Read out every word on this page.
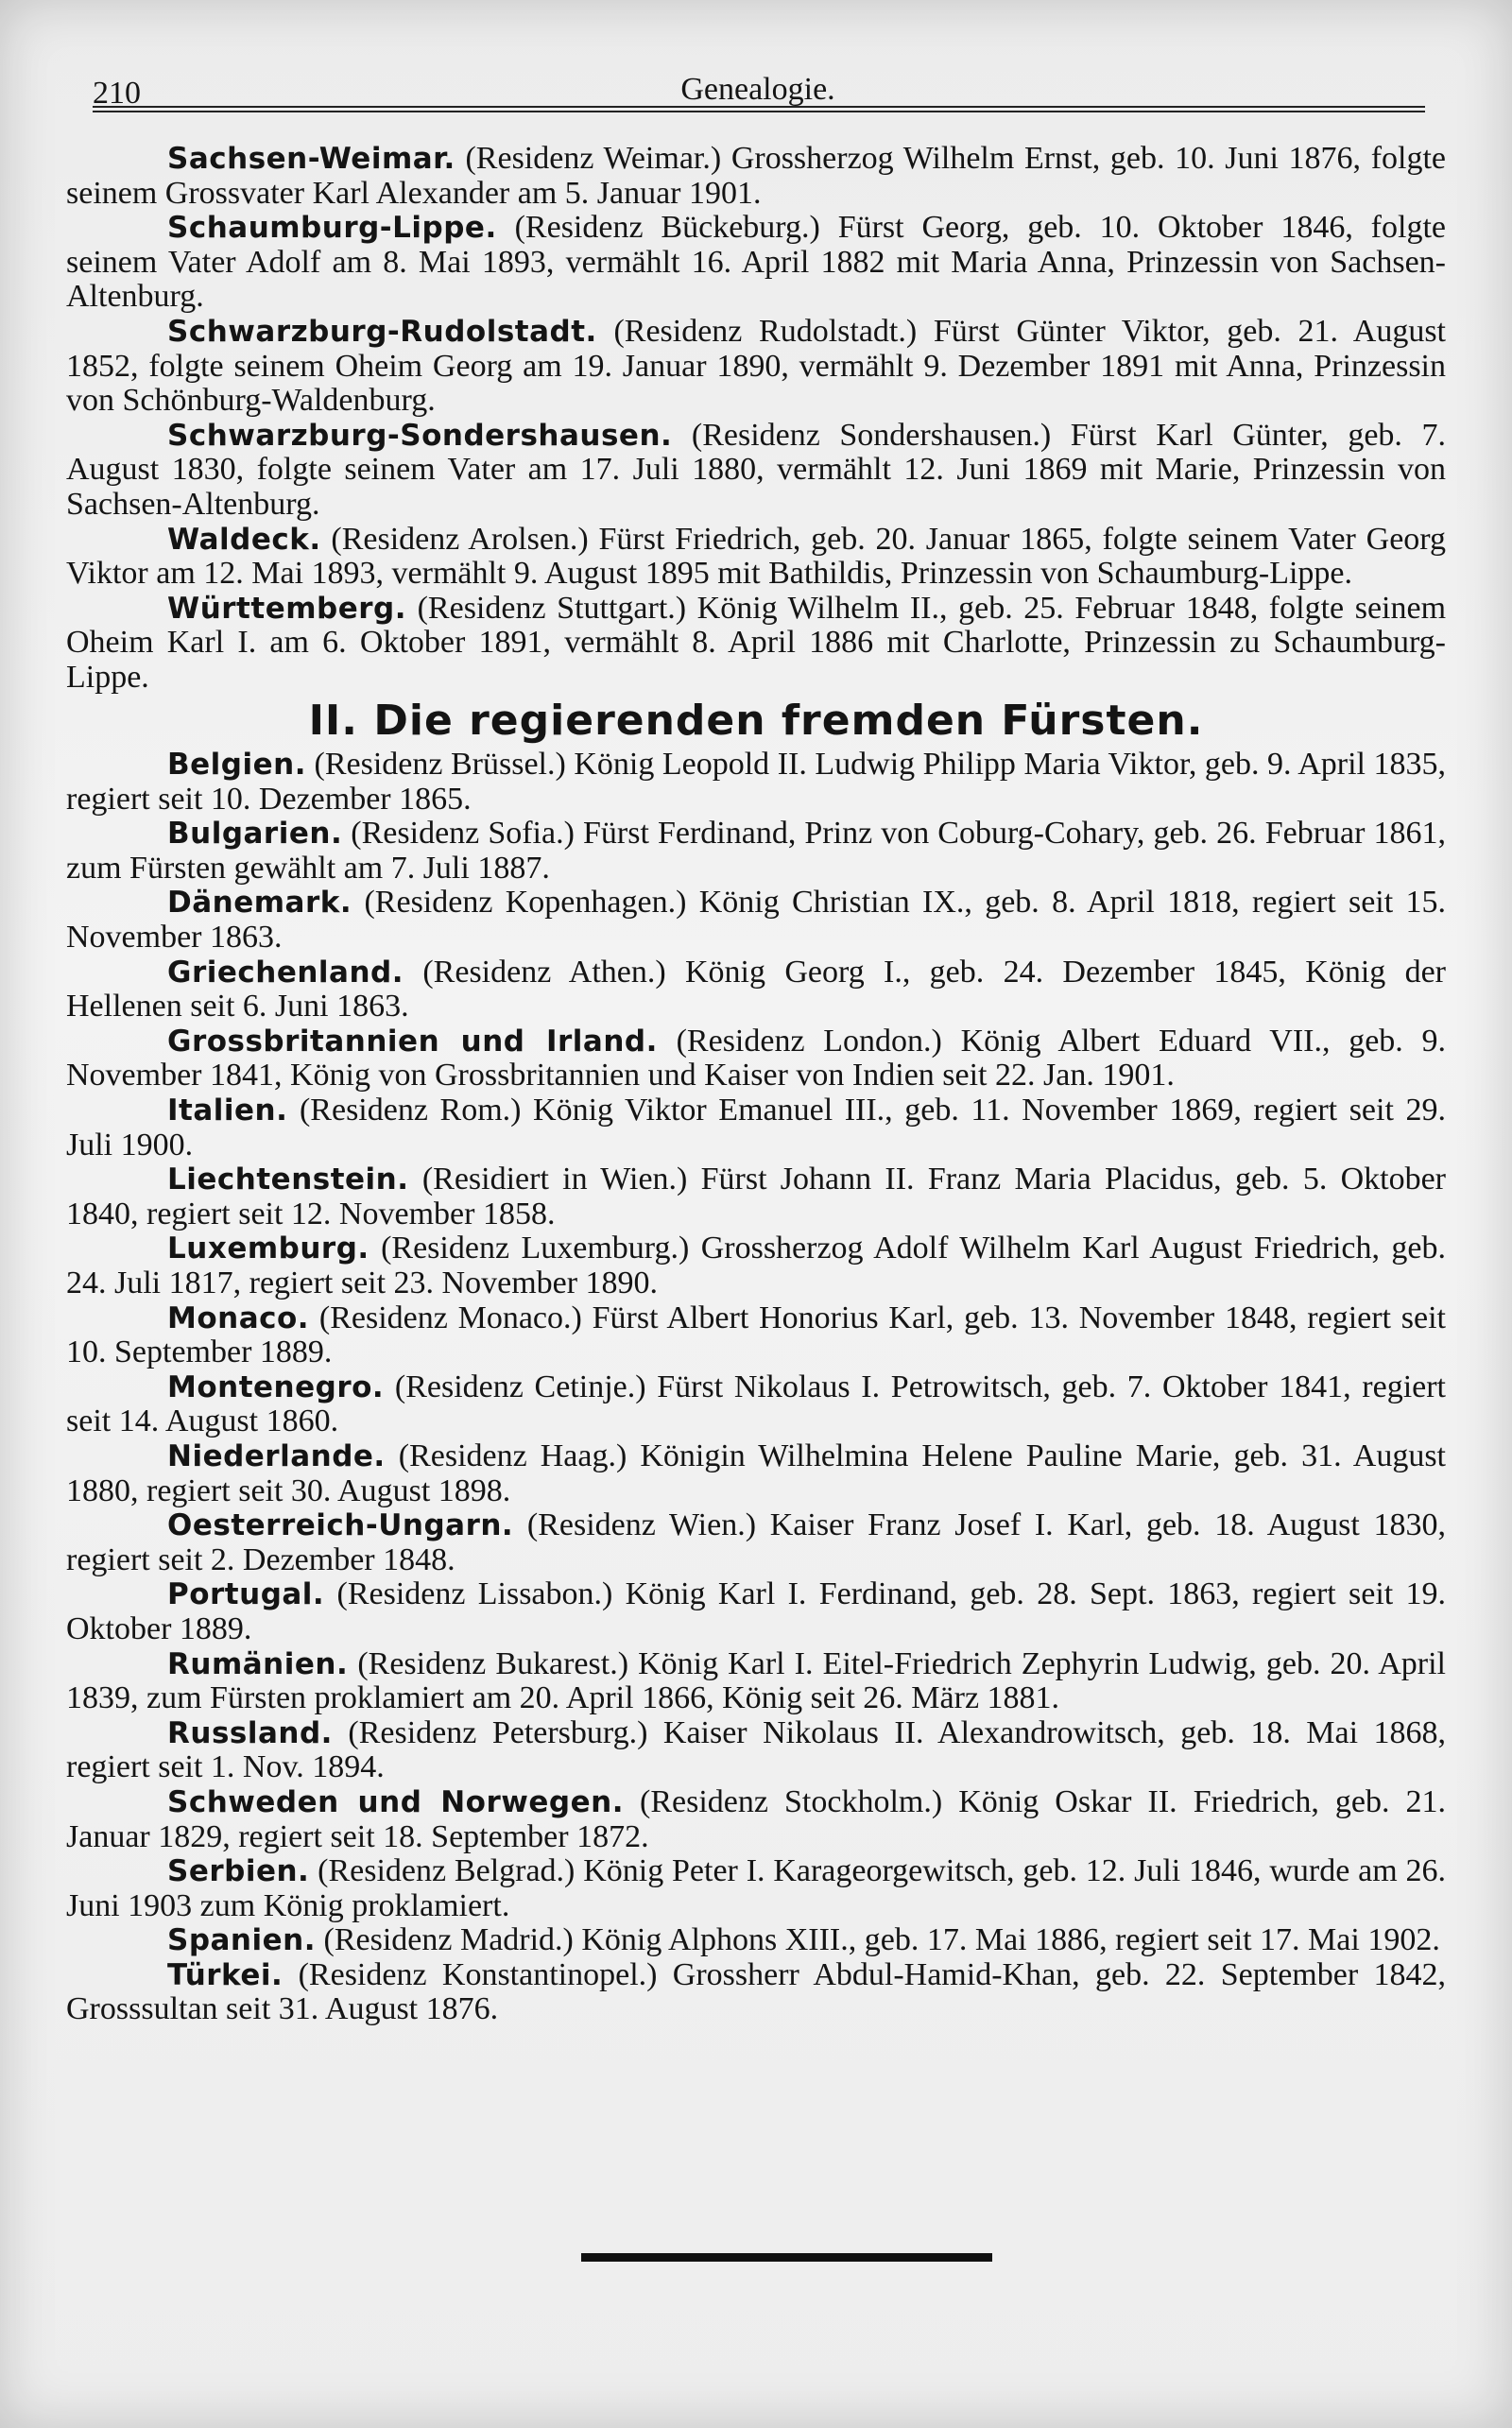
210	Genealogie.

Sachsen-Weimar. (Residenz Weimar.) Grossherzog Wilhelm Ernst, geb. 10. Juni 1876, folgte seinem Grossvater Karl Alexander am 5. Januar 1901.

Schaumburg-Lippe. (Residenz Bückeburg.) Fürst Georg, geb. 10. Oktober 1846, folgte seinem Vater Adolf am 8. Mai 1893, vermählt 16. April 1882 mit Maria Anna, Prinzessin von Sachsen-Altenburg.

Schwarzburg-Rudolstadt. (Residenz Rudolstadt.) Fürst Günter Viktor, geb. 21. August 1852, folgte seinem Oheim Georg am 19. Januar 1890, vermählt 9. Dezember 1891 mit Anna, Prinzessin von Schönburg-Waldenburg.

Schwarzburg-Sondershausen. (Residenz Sondershausen.) Fürst Karl Günter, geb. 7. August 1830, folgte seinem Vater am 17. Juli 1880, vermählt 12. Juni 1869 mit Marie, Prinzessin von Sachsen-Altenburg.

Waldeck. (Residenz Arolsen.) Fürst Friedrich, geb. 20. Januar 1865, folgte seinem Vater Georg Viktor am 12. Mai 1893, vermählt 9. August 1895 mit Bathildis, Prinzessin von Schaumburg-Lippe.

Württemberg. (Residenz Stuttgart.) König Wilhelm II., geb. 25. Februar 1848, folgte seinem Oheim Karl I. am 6. Oktober 1891, vermählt 8. April 1886 mit Charlotte, Prinzessin zu Schaumburg-Lippe.

II. Die regierenden fremden Fürsten.

Belgien. (Residenz Brüssel.) König Leopold II. Ludwig Philipp Maria Viktor, geb. 9. April 1835, regiert seit 10. Dezember 1865.

Bulgarien. (Residenz Sofia.) Fürst Ferdinand, Prinz von Coburg-Cohary, geb. 26. Februar 1861, zum Fürsten gewählt am 7. Juli 1887.

Dänemark. (Residenz Kopenhagen.) König Christian IX., geb. 8. April 1818, regiert seit 15. November 1863.

Griechenland. (Residenz Athen.) König Georg I., geb. 24. Dezember 1845, König der Hellenen seit 6. Juni 1863.

Grossbritannien und Irland. (Residenz London.) König Albert Eduard VII., geb. 9. November 1841, König von Grossbritannien und Kaiser von Indien seit 22. Jan. 1901.

Italien. (Residenz Rom.) König Viktor Emanuel III., geb. 11. November 1869, regiert seit 29. Juli 1900.

Liechtenstein. (Residiert in Wien.) Fürst Johann II. Franz Maria Placidus, geb. 5. Oktober 1840, regiert seit 12. November 1858.

Luxemburg. (Residenz Luxemburg.) Grossherzog Adolf Wilhelm Karl August Friedrich, geb. 24. Juli 1817, regiert seit 23. November 1890.

Monaco. (Residenz Monaco.) Fürst Albert Honorius Karl, geb. 13. November 1848, regiert seit 10. September 1889.

Montenegro. (Residenz Cetinje.) Fürst Nikolaus I. Petrowitsch, geb. 7. Oktober 1841, regiert seit 14. August 1860.

Niederlande. (Residenz Haag.) Königin Wilhelmina Helene Pauline Marie, geb. 31. August 1880, regiert seit 30. August 1898.

Oesterreich-Ungarn. (Residenz Wien.) Kaiser Franz Josef I. Karl, geb. 18. August 1830, regiert seit 2. Dezember 1848.

Portugal. (Residenz Lissabon.) König Karl I. Ferdinand, geb. 28. Sept. 1863, regiert seit 19. Oktober 1889.

Rumänien. (Residenz Bukarest.) König Karl I. Eitel-Friedrich Zephyrin Ludwig, geb. 20. April 1839, zum Fürsten proklamiert am 20. April 1866, König seit 26. März 1881.

Russland. (Residenz Petersburg.) Kaiser Nikolaus II. Alexandrowitsch, geb. 18. Mai 1868, regiert seit 1. Nov. 1894.

Schweden und Norwegen. (Residenz Stockholm.) König Oskar II. Friedrich, geb. 21. Januar 1829, regiert seit 18. September 1872.

Serbien. (Residenz Belgrad.) König Peter I. Karageorgewitsch, geb. 12. Juli 1846, wurde am 26. Juni 1903 zum König proklamiert.

Spanien. (Residenz Madrid.) König Alphons XIII., geb. 17. Mai 1886, regiert seit 17. Mai 1902.

Türkei. (Residenz Konstantinopel.) Grossherr Abdul-Hamid-Khan, geb. 22. September 1842, Grosssultan seit 31. August 1876.
